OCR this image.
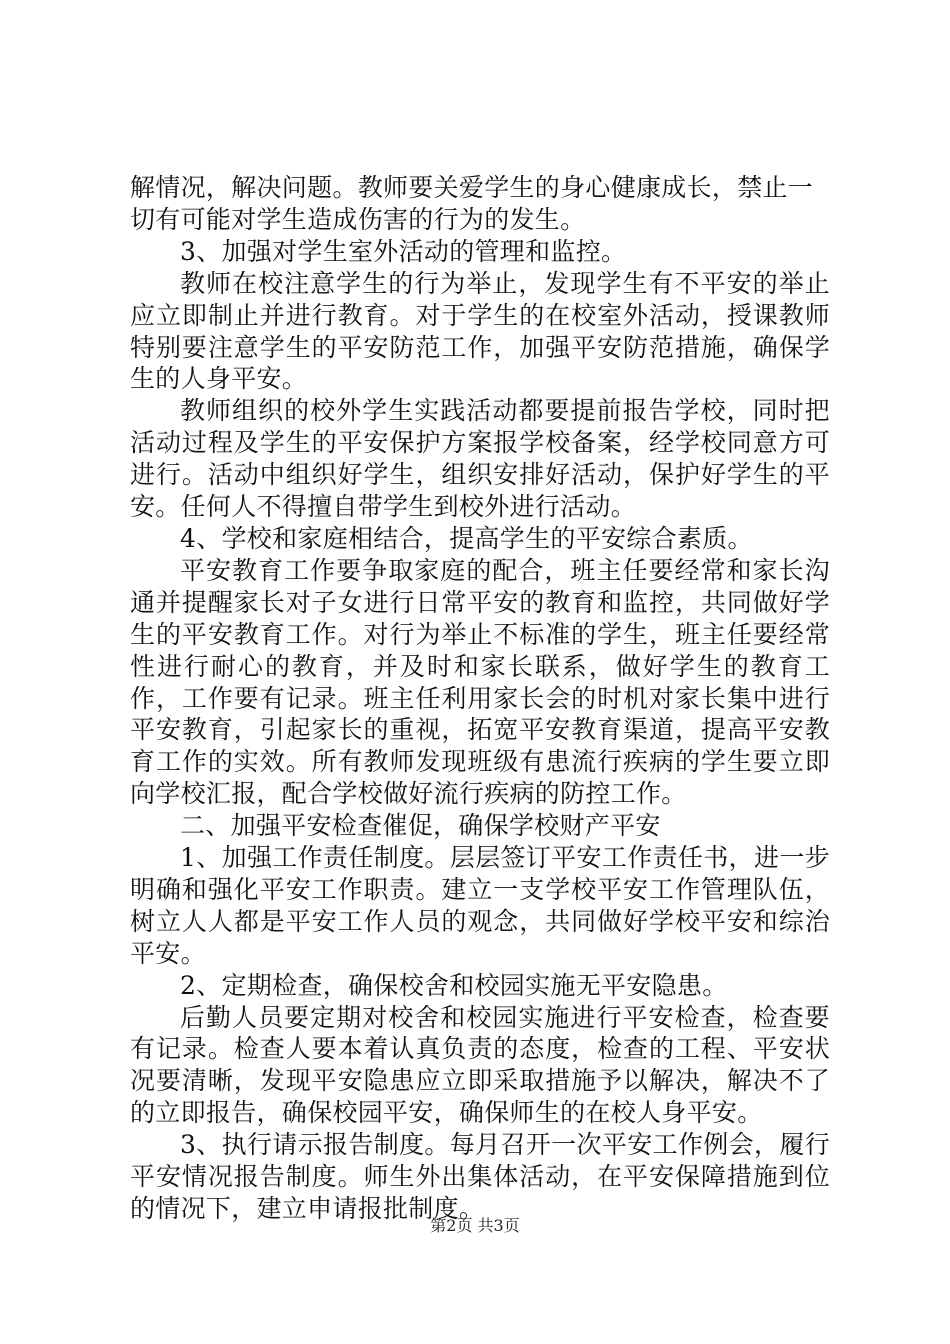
解情况，解决问题。教师要关爱学生的身心健康成长，禁止一切有可能对学生造成伤害的行为的发生。

3、加强对学生室外活动的管理和监控。

教师在校注意学生的行为举止，发现学生有不平安的举止应立即制止并进行教育。对于学生的在校室外活动，授课教师特别要注意学生的平安防范工作，加强平安防范措施，确保学生的人身平安。

教师组织的校外学生实践活动都要提前报告学校，同时把活动过程及学生的平安保护方案报学校备案，经学校同意方可进行。活动中组织好学生，组织安排好活动，保护好学生的平安。任何人不得擅自带学生到校外进行活动。

4、学校和家庭相结合，提高学生的平安综合素质。

平安教育工作要争取家庭的配合，班主任要经常和家长沟通并提醒家长对子女进行日常平安的教育和监控，共同做好学生的平安教育工作。对行为举止不标准的学生，班主任要经常性进行耐心的教育，并及时和家长联系，做好学生的教育工作，工作要有记录。班主任利用家长会的时机对家长集中进行平安教育，引起家长的重视，拓宽平安教育渠道，提高平安教育工作的实效。所有教师发现班级有患流行疾病的学生要立即向学校汇报，配合学校做好流行疾病的防控工作。

二、加强平安检查催促，确保学校财产平安

1、加强工作责任制度。层层签订平安工作责任书，进一步明确和强化平安工作职责。建立一支学校平安工作管理队伍，树立人人都是平安工作人员的观念，共同做好学校平安和综治平安。

2、定期检查，确保校舍和校园实施无平安隐患。

后勤人员要定期对校舍和校园实施进行平安检查，检查要有记录。检查人要本着认真负责的态度，检查的工程、平安状况要清晰，发现平安隐患应立即采取措施予以解决，解决不了的立即报告，确保校园平安，确保师生的在校人身平安。

3、执行请示报告制度。每月召开一次平安工作例会，履行平安情况报告制度。师生外出集体活动，在平安保障措施到位的情况下，建立申请报批制度。

第2页 共3页
